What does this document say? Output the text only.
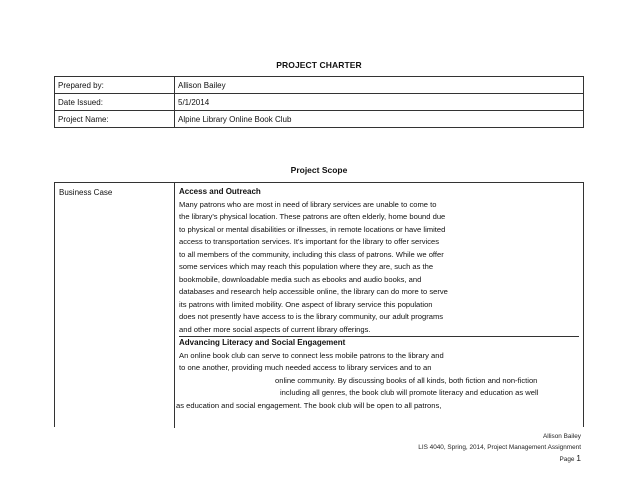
PROJECT CHARTER
Prepared by:	Allison Bailey
Date Issued:	5/1/2014
Project Name:	Alpine Library Online Book Club
Project Scope
Business Case	Access and Outreach
Many patrons who are most in need of library services are unable to come to
the library's physical location. These patrons are often elderly, home bound due
to physical or mental disabilities or illnesses, in remote locations or have limited
access to transportation services. It's important for the library to offer services
to all members of the community, including this class of patrons. While we offer
some services which may reach this population where they are, such as the
bookmobile, downloadable media such as ebooks and audio books, and
databases and research help accessible online, the library can do more to serve
its patrons with limited mobility. One aspect of library service this population
does not presently have access to is the library community, our adult programs
and other more social aspects of current library offerings.
Advancing Literacy and Social Engagement
An online book club can serve to connect less mobile patrons to the library and
to one another, providing much needed access to library services and to an
online community. By discussing books of all kinds, both fiction and non-fiction
including all genres, the book club will promote literacy and education as well
as education and social engagement. The book club will be open to all patrons,
Allison Bailey
LIS 4040, Spring, 2014, Project Management Assignment
Page 1
